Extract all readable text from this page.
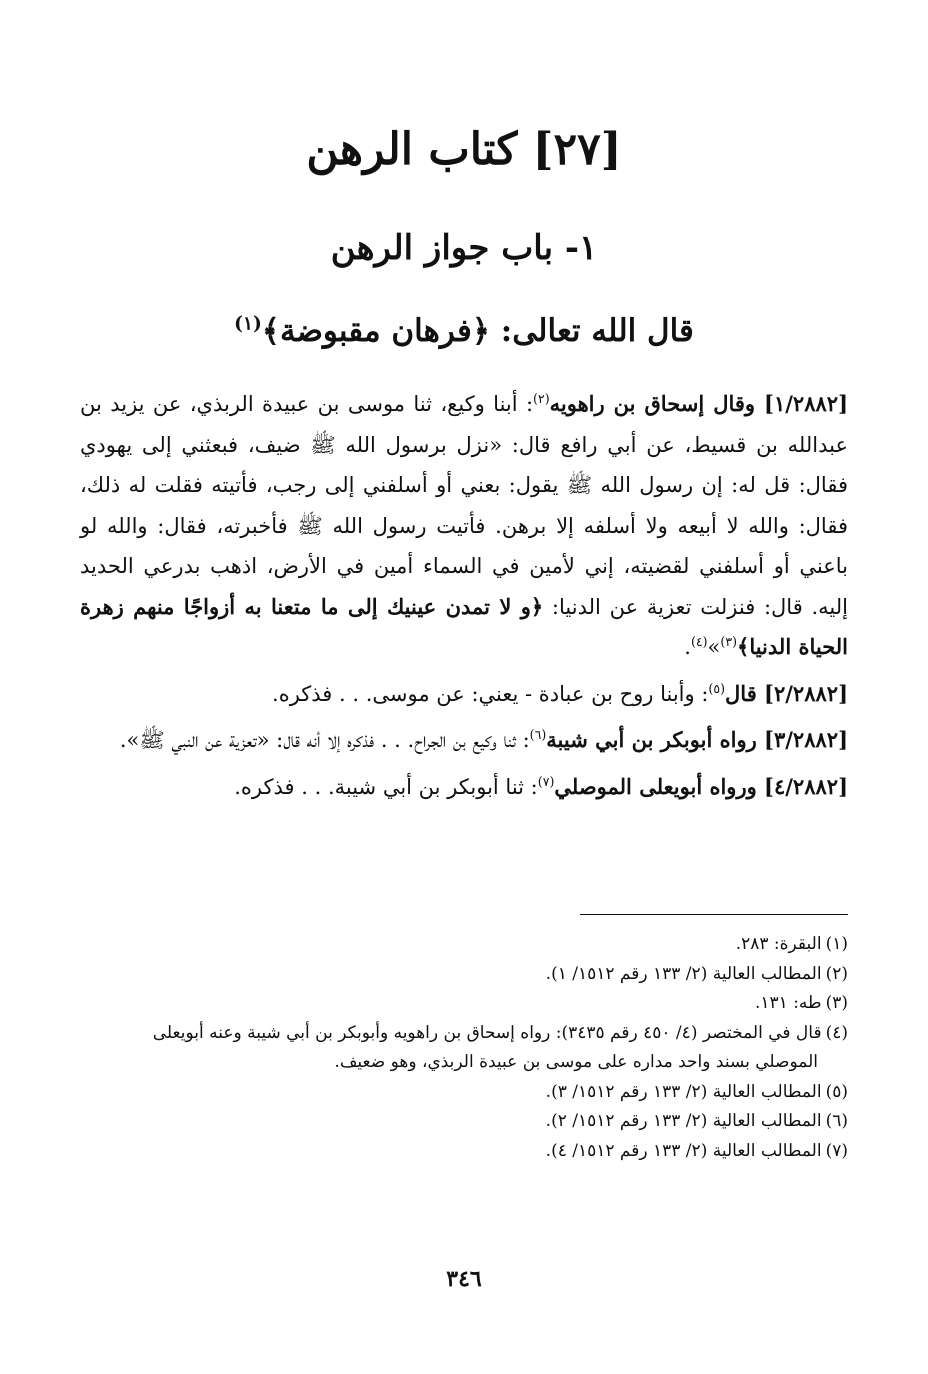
[٢٧] كتاب الرهن
١- باب جواز الرهن
قال الله تعالى: ﴿فرهان مقبوضة﴾$^{(١)}$

[١/٢٨٨٢] وقال إسحاق بن راهويه$^{(٢)}$: أبنا وكيع، ثنا موسى بن عبيدة الربذي، عن يزيد بن عبدالله بن قسيط، عن أبي رافع قال: «نزل برسول الله ﷺ ضيف، فبعثني إلى يهودي فقال: قل له: إن رسول الله ﷺ يقول: بعني أو أسلفني إلى رجب، فأتيته فقلت له ذلك، فقال: والله لا أبيعه ولا أسلفه إلا برهن. فأتيت رسول الله ﷺ فأخبرته، فقال: والله لو باعني أو أسلفني لقضيته، إني لأمين في السماء أمين في الأرض، اذهب بدرعي الحديد إليه. قال: فنزلت تعزية عن الدنيا: ﴿و لا تمدن عينيك إلى ما متعنا به أزواجًا منهم زهرة الحياة الدنيا﴾$^{(٣)}$»$^{(٤)}$.

[٢/٢٨٨٢] قال$^{(٥)}$: وأبنا روح بن عبادة - يعني: عن موسى. . . فذكره.

[٣/٢٨٨٢] رواه أبوبكر بن أبي شيبة$^{(٦)}$: ثنا وكيع بن الجراح. . . فذكره إلا أنه قال: «تعزية عن النبي ﷺ».

[٤/٢٨٨٢] ورواه أبويعلى الموصلي$^{(٧)}$: ثنا أبوبكر بن أبي شيبة. . . فذكره.

(١)البقرة: ٢٨٣.

(٢)المطالب العالية (٢/ ١٣٣ رقم ١٥١٢/ ١).

(٣)طه: ١٣١.

(٤)قال في المختصر (٤/ ٤٥٠ رقم ٣٤٣٥): رواه إسحاق بن راهويه وأبوبكر بن أبي شيبة وعنه أبويعلى

الموصلي بسند واحد مداره على موسى بن عبيدة الربذي، وهو ضعيف.

(٥)المطالب العالية (٢/ ١٣٣ رقم ١٥١٢/ ٣).

(٦)المطالب العالية (٢/ ١٣٣ رقم ١٥١٢/ ٢).

(٧)المطالب العالية (٢/ ١٣٣ رقم ١٥١٢/ ٤).

٣٤٦
